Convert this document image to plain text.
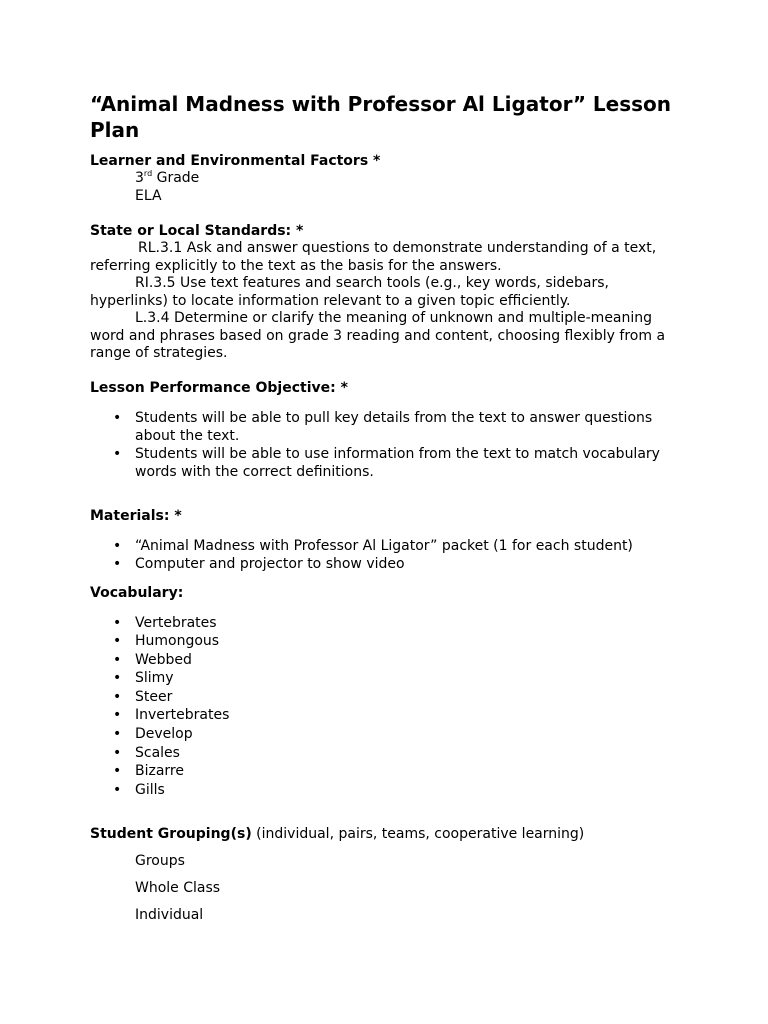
“Animal Madness with Professor Al Ligator” Lesson Plan

Learner and Environmental Factors *

3rd Grade

ELA

State or Local Standards: *

RL.3.1 Ask and answer questions to demonstrate understanding of a text, referring explicitly to the text as the basis for the answers.

RI.3.5 Use text features and search tools (e.g., key words, sidebars, hyperlinks) to locate information relevant to a given topic efficiently.

L.3.4 Determine or clarify the meaning of unknown and multiple-meaning word and phrases based on grade 3 reading and content, choosing flexibly from a range of strategies.

Lesson Performance Objective: *

• Students will be able to pull key details from the text to answer questions about the text.
• Students will be able to use information from the text to match vocabulary words with the correct definitions.

Materials: *

• “Animal Madness with Professor Al Ligator” packet (1 for each student)
• Computer and projector to show video

Vocabulary:

• Vertebrates
• Humongous
• Webbed
• Slimy
• Steer
• Invertebrates
• Develop
• Scales
• Bizarre
• Gills

Student Grouping(s) (individual, pairs, teams, cooperative learning)

Groups

Whole Class

Individual
